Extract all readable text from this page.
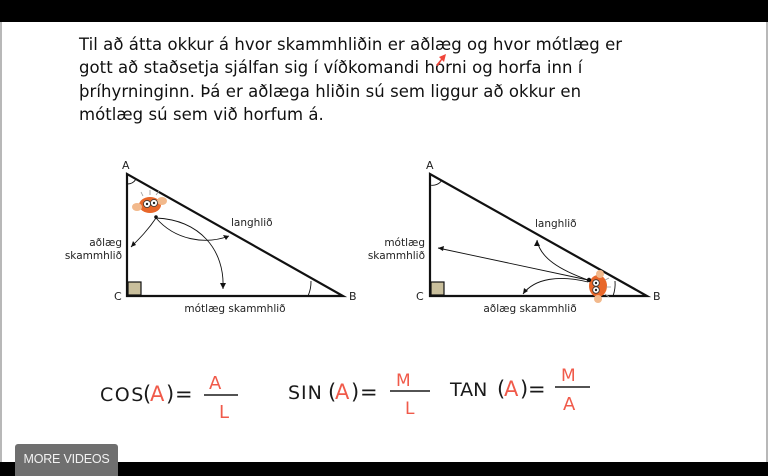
Til að átta okkur á hvor skammhliðin er aðlæg og hvor mótlæg er
gott að staðsetja sjálfan sig í víðkomandi horni og horfa inn í
þríhyrninginn. Þá er aðlæga hliðin sú sem liggur að okkur en
mótlæg sú sem við horfum á.
A
C	B
langhlið
aðlæg
skammhlið
mótlæg skammhlið
A
C	B
langhlið
mótlæg
skammhlið
aðlæg skammhlið
COS
(
A ) = A
L
SIN (
A ) = M
L
TAN (
A ) =
M
A
MORE VIDEOS
